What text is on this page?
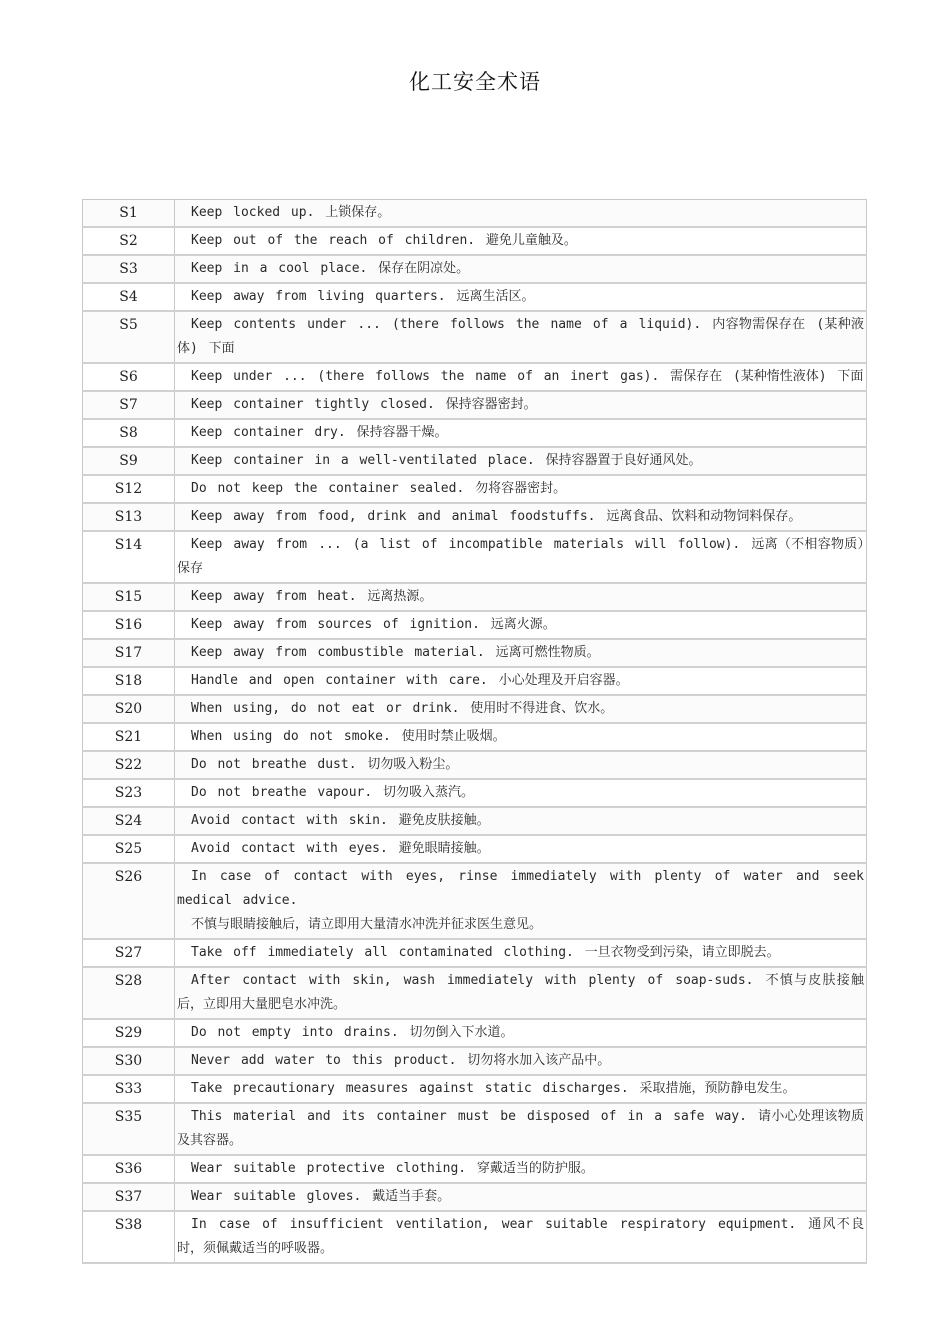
化工安全术语
S1	Keep locked up. 上锁保存。

S2	Keep out of the reach of children. 避免儿童触及。

S3	Keep in a cool place. 保存在阴凉处。

S4	Keep away from living quarters. 远离生活区。

S5	Keep contents under ... (there follows the name of a liquid). 内容物需保存在 (某种液体) 下面

S6	Keep under ... (there follows the name of an inert gas). 需保存在 (某种惰性液体) 下面

S7	Keep container tightly closed. 保持容器密封。

S8	Keep container dry. 保持容器干燥。

S9	Keep container in a well-ventilated place. 保持容器置于良好通风处。

S12	Do not keep the container sealed. 勿将容器密封。

S13	Keep away from food, drink and animal foodstuffs. 远离食品、饮料和动物饲料保存。

S14	Keep away from ... (a list of incompatible materials will follow). 远离（不相容物质）保存

S15	Keep away from heat. 远离热源。

S16	Keep away from sources of ignition. 远离火源。

S17	Keep away from combustible material. 远离可燃性物质。

S18	Handle and open container with care. 小心处理及开启容器。

S20	When using, do not eat or drink. 使用时不得进食、饮水。

S21	When using do not smoke. 使用时禁止吸烟。

S22	Do not breathe dust. 切勿吸入粉尘。

S23	Do not breathe vapour. 切勿吸入蒸汽。

S24	Avoid contact with skin. 避免皮肤接触。

S25	Avoid contact with eyes. 避免眼睛接触。

S26	In case of contact with eyes, rinse immediately with plenty of water and seek medical advice.
不慎与眼睛接触后，请立即用大量清水冲洗并征求医生意见。

S27	Take off immediately all contaminated clothing. 一旦衣物受到污染，请立即脱去。

S28	After contact with skin, wash immediately with plenty of soap-suds. 不慎与皮肤接触后，立即用大量肥皂水冲洗。

S29	Do not empty into drains. 切勿倒入下水道。

S30	Never add water to this product. 切勿将水加入该产品中。

S33	Take precautionary measures against static discharges. 采取措施，预防静电发生。

S35	This material and its container must be disposed of in a safe way. 请小心处理该物质及其容器。

S36	Wear suitable protective clothing. 穿戴适当的防护服。

S37	Wear suitable gloves. 戴适当手套。

S38	In case of insufficient ventilation, wear suitable respiratory equipment. 通风不良时，须佩戴适当的呼吸器。
